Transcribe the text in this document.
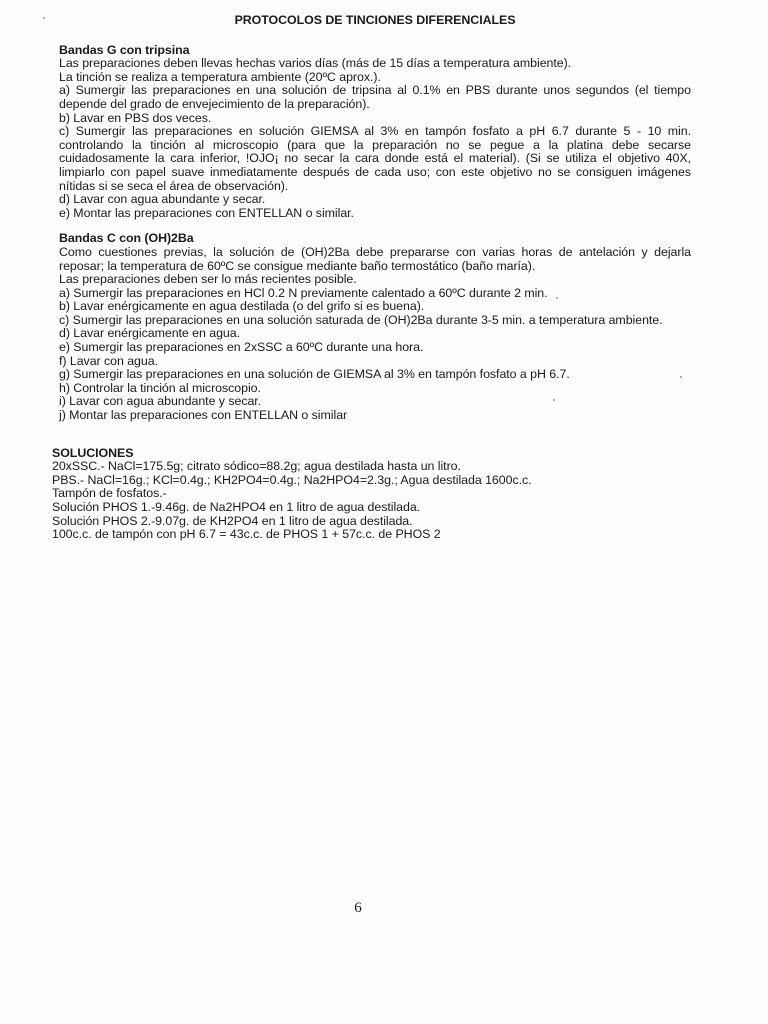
PROTOCOLOS DE TINCIONES DIFERENCIALES
Bandas G con tripsina

Las preparaciones deben llevas hechas varios días (más de 15 días a temperatura ambiente).

La tinción se realiza a temperatura ambiente (20ºC aprox.).

a) Sumergir las preparaciones en una solución de tripsina al 0.1% en PBS durante unos segundos (el tiempo depende del grado de envejecimiento de la preparación).

b) Lavar en PBS dos veces.

c) Sumergir las preparaciones en solución GIEMSA al 3% en tampón fosfato a pH 6.7 durante 5 - 10 min. controlando la tinción al microscopio (para que la preparación no se pegue a la platina debe secarse cuidadosamente la cara inferior, !OJO¡ no secar la cara donde está el material). (Si se utiliza el objetivo 40X, limpiarlo con papel suave inmediatamente después de cada uso; con este objetivo no se consiguen imágenes nítidas si se seca el área de observación).

d) Lavar con agua abundante y secar.

e) Montar las preparaciones con ENTELLAN o similar.

Bandas C con (OH)2Ba

Como cuestiones previas, la solución de (OH)2Ba debe prepararse con varias horas de antelación y dejarla reposar; la temperatura de 60ºC se consigue mediante baño termostático (baño maría).

Las preparaciones deben ser lo más recientes posible.

a) Sumergir las preparaciones en HCl 0.2 N previamente calentado a 60ºC durante 2 min.

b) Lavar enérgicamente en agua destilada (o del grifo si es buena).

c) Sumergir las preparaciones en una solución saturada de (OH)2Ba durante 3-5 min. a temperatura ambiente.

d) Lavar enérgicamente en agua.

e) Sumergir las preparaciones en 2xSSC a 60ºC durante una hora.

f) Lavar con agua.

g) Sumergir las preparaciones en una solución de GIEMSA al 3% en tampón fosfato a pH 6.7.

h) Controlar la tinción al microscopio.

i) Lavar con agua abundante y secar.

j) Montar las preparaciones con ENTELLAN o similar

SOLUCIONES

20xSSC.- NaCl=175.5g; citrato sódico=88.2g; agua destilada hasta un litro.

PBS.- NaCl=16g.; KCl=0.4g.; KH2PO4=0.4g.; Na2HPO4=2.3g.; Agua destilada 1600c.c.

Tampón de fosfatos.-

Solución PHOS 1.-9.46g. de Na2HPO4 en 1 litro de agua destilada.

Solución PHOS 2.-9.07g. de KH2PO4 en 1 litro de agua destilada.

100c.c. de tampón con pH 6.7 = 43c.c. de PHOS 1 + 57c.c. de PHOS 2

6
